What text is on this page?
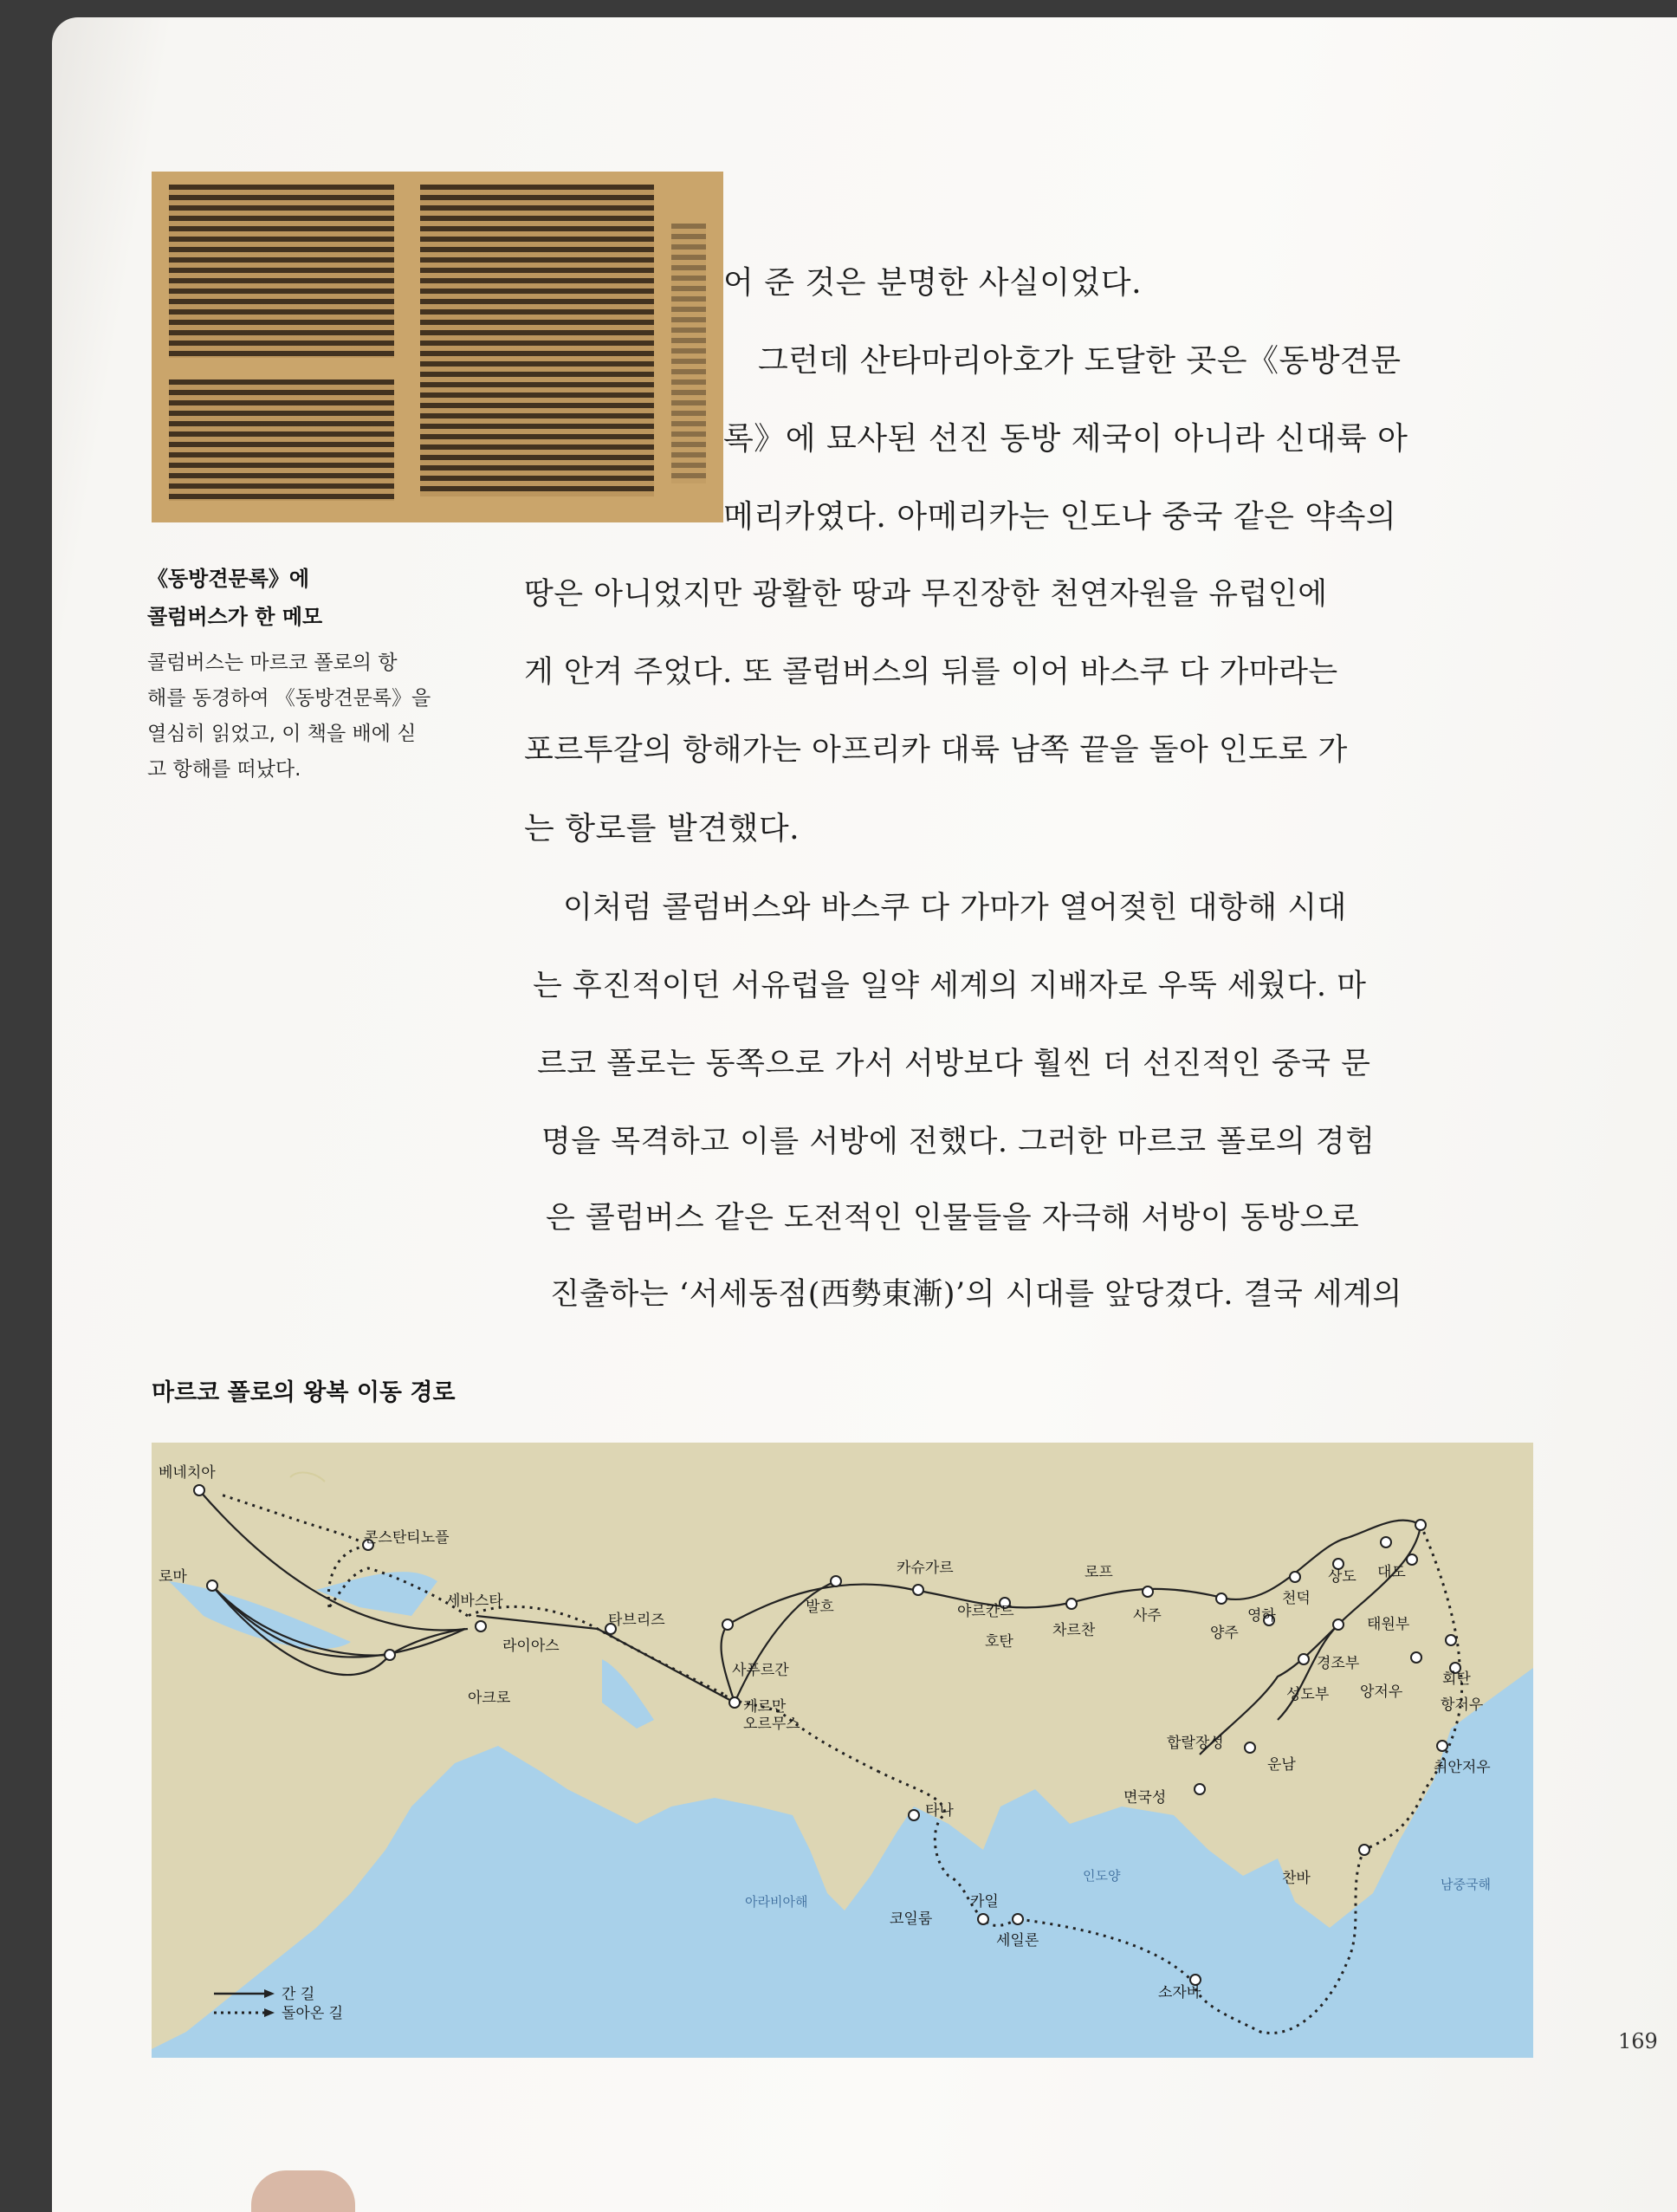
《동방견문록》에
콜럼버스가 한 메모
콜럼버스는 마르코 폴로의 항
해를 동경하여 《동방견문록》을
열심히 읽었고, 이 책을 배에 싣
고 항해를 떠났다.
어 준 것은 분명한 사실이었다.
그런데 산타마리아호가 도달한 곳은《동방견문
록》에 묘사된 선진 동방 제국이 아니라 신대륙 아
메리카였다. 아메리카는 인도나 중국 같은 약속의
땅은 아니었지만 광활한 땅과 무진장한 천연자원을 유럽인에
게 안겨 주었다. 또 콜럼버스의 뒤를 이어 바스쿠 다 가마라는
포르투갈의 항해가는 아프리카 대륙 남쪽 끝을 돌아 인도로 가
는 항로를 발견했다.
이처럼 콜럼버스와 바스쿠 다 가마가 열어젖힌 대항해 시대
는 후진적이던 서유럽을 일약 세계의 지배자로 우뚝 세웠다. 마
르코 폴로는 동쪽으로 가서 서방보다 훨씬 더 선진적인 중국 문
명을 목격하고 이를 서방에 전했다. 그러한 마르코 폴로의 경험
은 콜럼버스 같은 도전적인 인물들을 자극해 서방이 동방으로
진출하는 ‘서세동점(西勢東漸)’의 시대를 앞당겼다. 결국 세계의
마르코 폴로의 왕복 이동 경로
간 길
돌아온 길
아라비아해
인도양
남중국해
베네치아
로마
콘스탄티노플
세바스타
라이아스
아크로
타브리즈
사푸르간
케르만
오르무스
발흐
카슈가르
야르칸드
호탄
차르찬
로프
사주
양주
영하
천덕
상도 대도
태원부
경조부
성도부 앙저우
회단
항저우
취안저우
합랄장성
운남
면국성
찬바
타나
카일
코일룸
세일론
소자바
169
